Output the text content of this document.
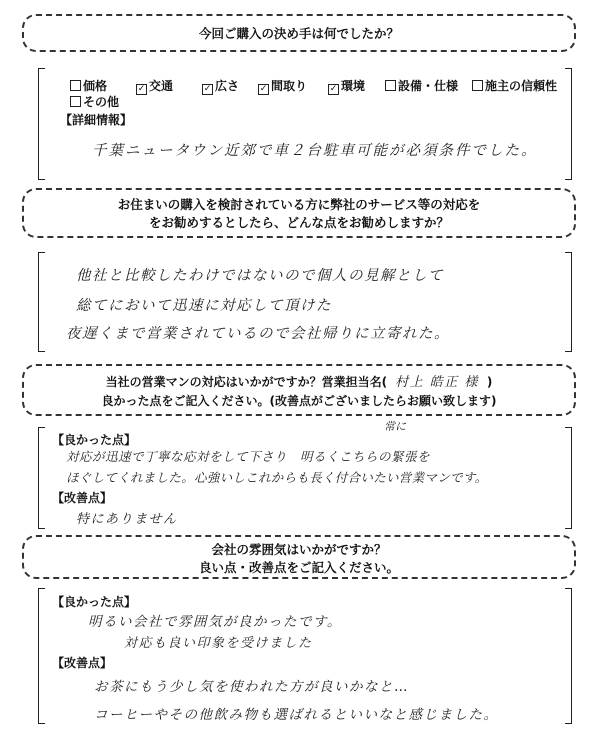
今回ご購入の決め手は何でしたか？
価格	✓ 交通	✓ 広さ ✓ 間取り	✓ 環境	設備・仕様	施主の信頼性
その他
【詳細情報】
千葉ニュータウン近郊で車２台駐車可能が必須条件でした。
お住まいの購入を検討されている方に弊社のサービス等の対応を
をお勧めするとしたら、どんな点をお勧めしますか？
他社と比較したわけではないので個人の見解として
総てにおいて迅速に対応して頂けた
夜遅くまで営業されているので会社帰りに立寄れた。
当社の営業マンの対応はいかがですか？営業担当名( 村上 皓正 様 )
良かった点をご記入ください。(改善点がございましたらお願い致します)
【良かった点】
常に
対応が迅速で丁寧な応対をして下さり　明るくこちらの緊張を
ほぐしてくれました。心強いしこれからも長く付合いたい営業マンです。
【改善点】
特にありません
会社の雰囲気はいかがですか？
良い点・改善点をご記入ください。
【良かった点】
明るい会社で雰囲気が良かったです。
対応も良い印象を受けました
【改善点】
お茶にもう少し気を使われた方が良いかなと…
コーヒーやその他飲み物も選ばれるといいなと感じました。
